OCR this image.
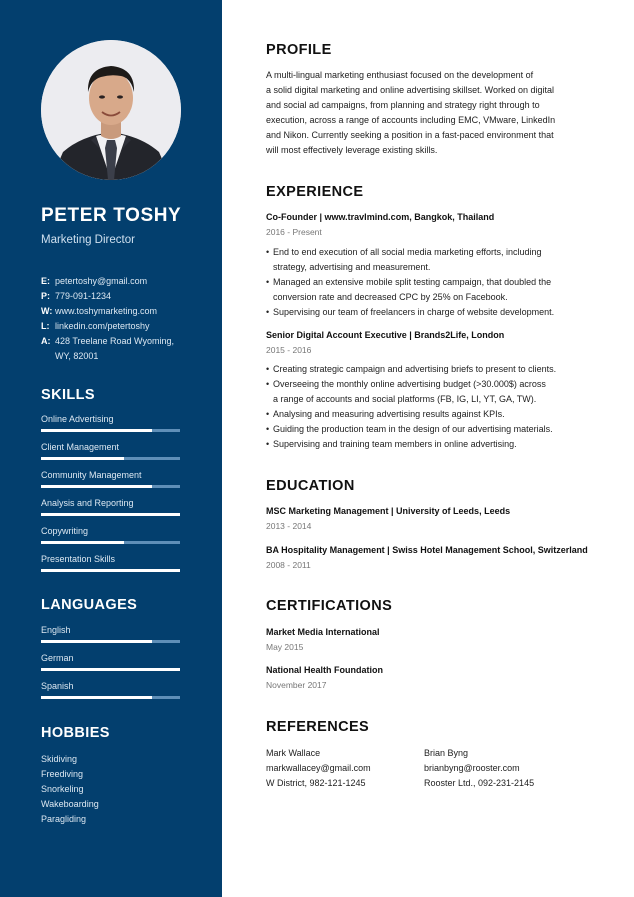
PETER TOSHY
Marketing Director
E: petertoshy@gmail.com
P: 779-091-1234
W: www.toshymarketing.com
L: linkedin.com/petertoshy
A: 428 Treelane Road Wyoming,
WY, 82001
SKILLS
Online Advertising
Client Management
Community Management
Analysis and Reporting
Copywriting
Presentation Skills
LANGUAGES
English
German
Spanish
HOBBIES
Skidiving
Freediving
Snorkeling
Wakeboarding
Paragliding
PROFILE
A multi-lingual marketing enthusiast focused on the development of
a solid digital marketing and online advertising skillset. Worked on digital
and social ad campaigns, from planning and strategy right through to
execution, across a range of accounts including EMC, VMware, LinkedIn
and Nikon. Currently seeking a position in a fast-paced environment that
will most effectively leverage existing skills.
EXPERIENCE
Co-Founder | www.travlmind.com, Bangkok, Thailand
2016 - Present
• End to end execution of all social media marketing efforts, including
strategy, advertising and measurement.
• Managed an extensive mobile split testing campaign, that doubled the
conversion rate and decreased CPC by 25% on Facebook.
• Supervising our team of freelancers in charge of website development.
Senior Digital Account Executive | Brands2Life, London
2015 - 2016
• Creating strategic campaign and advertising briefs to present to clients.
• Overseeing the monthly online advertising budget (>30.000$) across
a range of accounts and social platforms (FB, IG, LI, YT, GA, TW).
• Analysing and measuring advertising results against KPIs.
• Guiding the production team in the design of our advertising materials.
• Supervising and training team members in online advertising.
EDUCATION
MSC Marketing Management | University of Leeds, Leeds
2013 - 2014
BA Hospitality Management | Swiss Hotel Management School, Switzerland
2008 - 2011
CERTIFICATIONS
Market Media International
May 2015
National Health Foundation
November 2017
REFERENCES
Mark Wallace
markwallacey@gmail.com
W District, 982-121-1245
Brian Byng
brianbyng@rooster.com
Rooster Ltd., 092-231-2145
